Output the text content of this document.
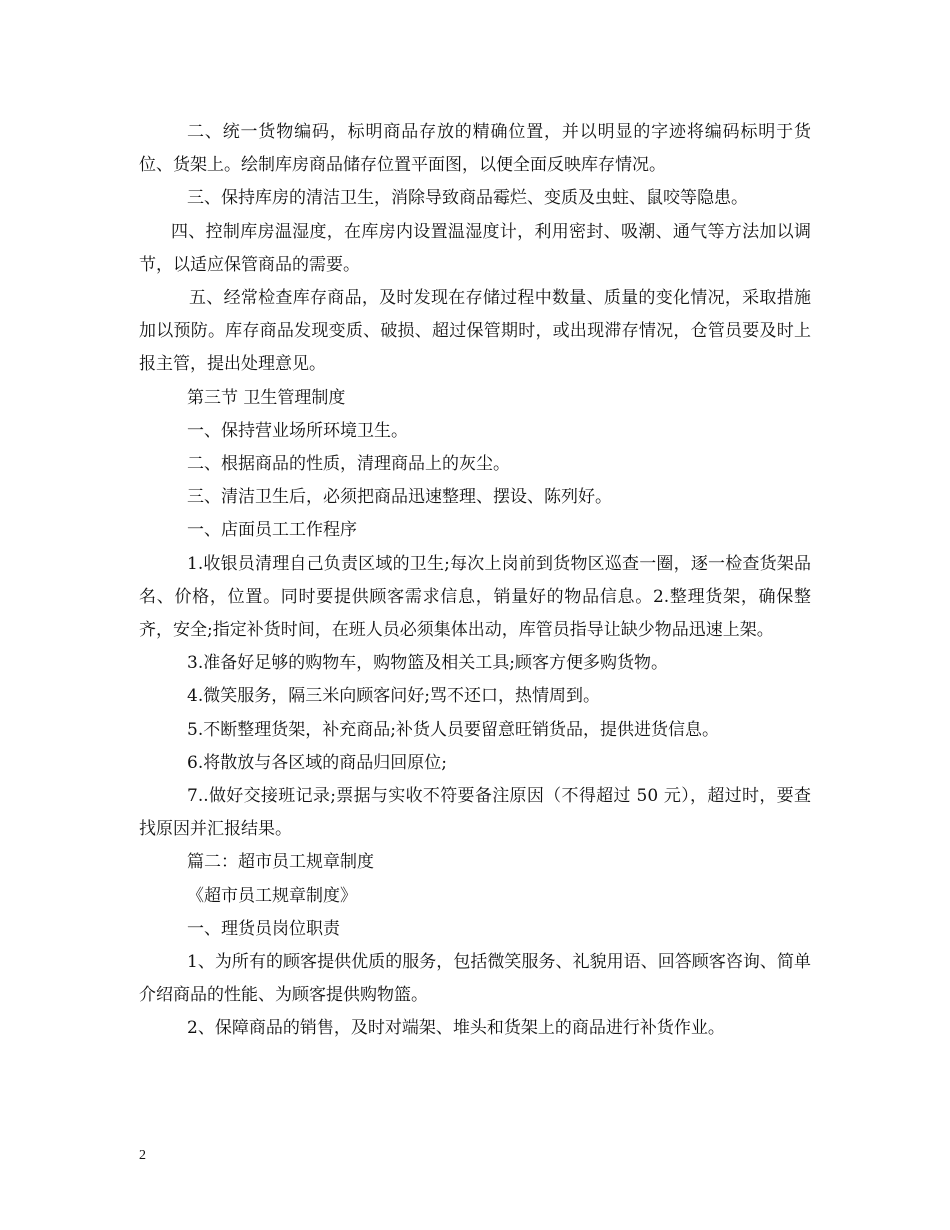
二、统一货物编码，标明商品存放的精确位置，并以明显的字迹将编码标明于货位、货架上。绘制库房商品储存位置平面图，以便全面反映库存情况。

三、保持库房的清洁卫生，消除导致商品霉烂、变质及虫蛀、鼠咬等隐患。

四、控制库房温湿度，在库房内设置温湿度计，利用密封、吸潮、通气等方法加以调节，以适应保管商品的需要。

五、经常检查库存商品，及时发现在存储过程中数量、质量的变化情况，采取措施加以预防。库存商品发现变质、破损、超过保管期时，或出现滞存情况，仓管员要及时上报主管，提出处理意见。

第三节 卫生管理制度

一、保持营业场所环境卫生。

二、根据商品的性质，清理商品上的灰尘。

三、清洁卫生后，必须把商品迅速整理、摆设、陈列好。

一、店面员工工作程序

1.收银员清理自己负责区域的卫生;每次上岗前到货物区巡查一圈，逐一检查货架品名、价格，位置。同时要提供顾客需求信息，销量好的物品信息。2.整理货架，确保整齐，安全;指定补货时间，在班人员必须集体出动，库管员指导让缺少物品迅速上架。

3.准备好足够的购物车，购物篮及相关工具;顾客方便多购货物。

4.微笑服务，隔三米向顾客问好;骂不还口，热情周到。

5.不断整理货架，补充商品;补货人员要留意旺销货品，提供进货信息。

6.将散放与各区域的商品归回原位;

7..做好交接班记录;票据与实收不符要备注原因（不得超过 50 元），超过时，要查找原因并汇报结果。

篇二：超市员工规章制度

《超市员工规章制度》

一、理货员岗位职责

1、为所有的顾客提供优质的服务，包括微笑服务、礼貌用语、回答顾客咨询、简单介绍商品的性能、为顾客提供购物篮。

2、保障商品的销售，及时对端架、堆头和货架上的商品进行补货作业。

2
